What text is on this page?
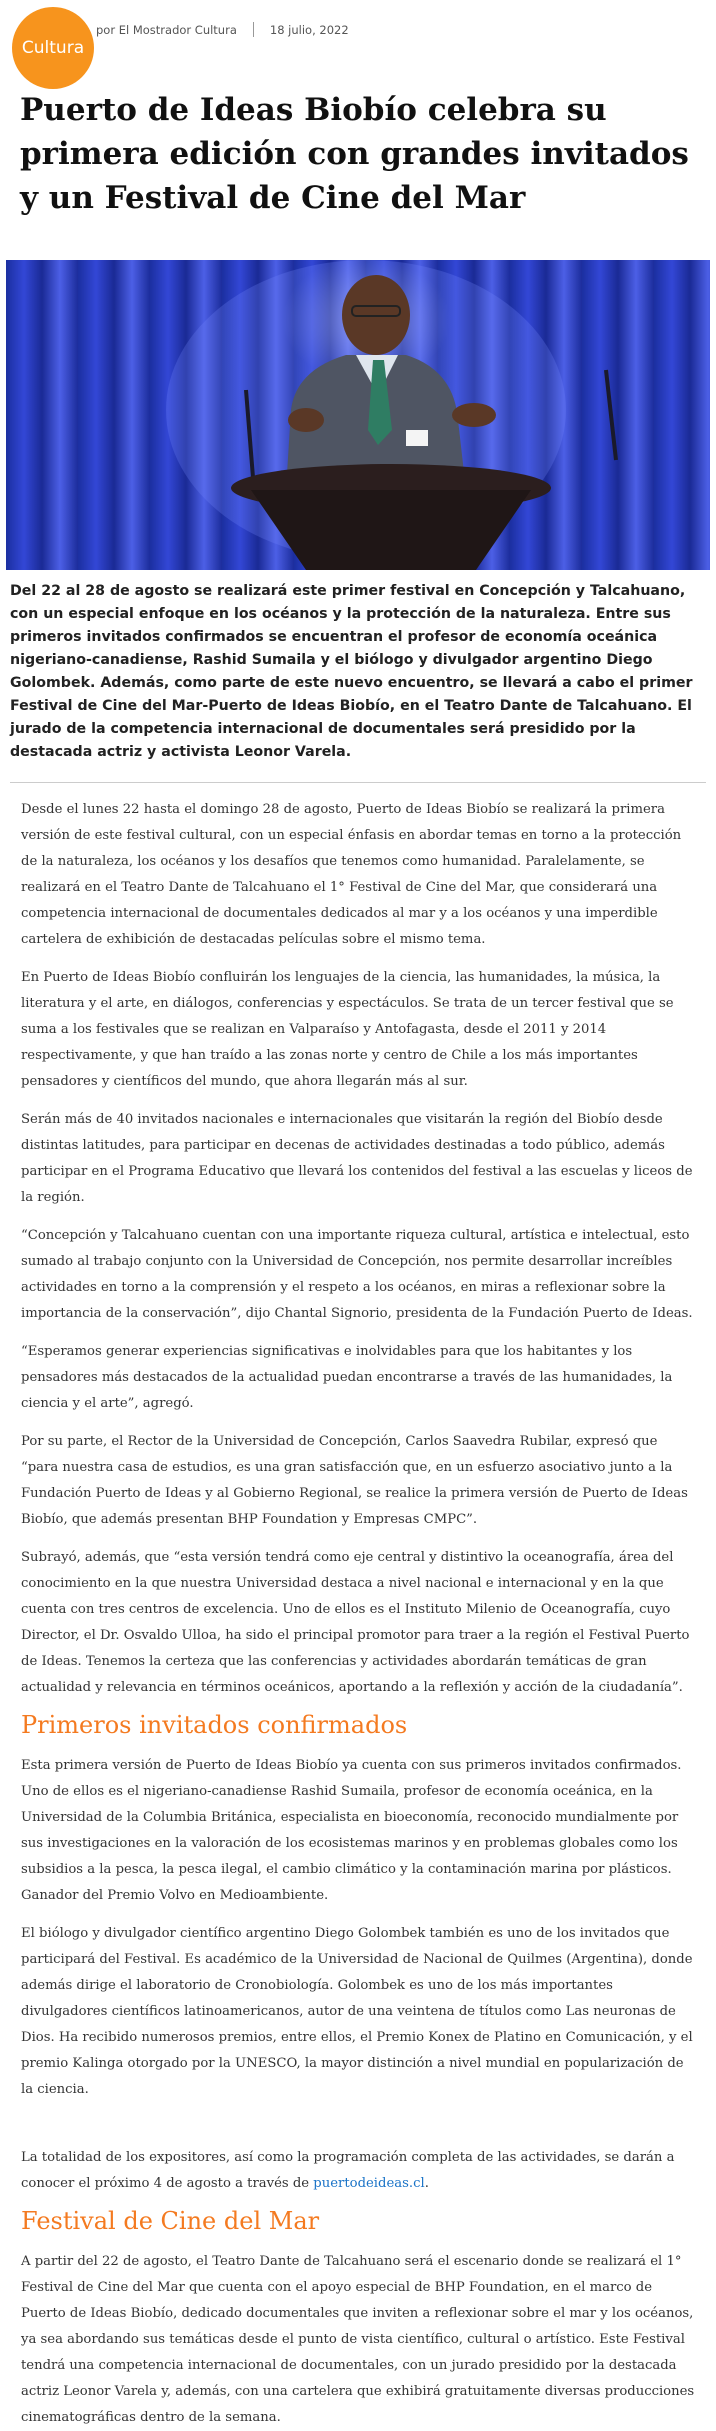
Cultura
por El Mostrador Cultura	18 julio, 2022
Puerto de Ideas Biobío celebra su primera edición con grandes invitados y un Festival de Cine del Mar

Del 22 al 28 de agosto se realizará este primer festival en Concepción y Talcahuano, con un especial enfoque en los océanos y la protección de la naturaleza. Entre sus primeros invitados confirmados se encuentran el profesor de economía oceánica nigeriano-canadiense, Rashid Sumaila y el biólogo y divulgador argentino Diego Golombek. Además, como parte de este nuevo encuentro, se llevará a cabo el primer Festival de Cine del Mar-Puerto de Ideas Biobío, en el Teatro Dante de Talcahuano. El jurado de la competencia internacional de documentales será presidido por la destacada actriz y activista Leonor Varela.

Desde el lunes 22 hasta el domingo 28 de agosto, Puerto de Ideas Biobío se realizará la primera versión de este festival cultural, con un especial énfasis en abordar temas en torno a la protección de la naturaleza, los océanos y los desafíos que tenemos como humanidad. Paralelamente, se realizará en el Teatro Dante de Talcahuano el 1° Festival de Cine del Mar, que considerará una competencia internacional de documentales dedicados al mar y a los océanos y una imperdible cartelera de exhibición de destacadas películas sobre el mismo tema.

En Puerto de Ideas Biobío confluirán los lenguajes de la ciencia, las humanidades, la música, la literatura y el arte, en diálogos, conferencias y espectáculos. Se trata de un tercer festival que se suma a los festivales que se realizan en Valparaíso y Antofagasta, desde el 2011 y 2014 respectivamente, y que han traído a las zonas norte y centro de Chile a los más importantes pensadores y científicos del mundo, que ahora llegarán más al sur.

Serán más de 40 invitados nacionales e internacionales que visitarán la región del Biobío desde distintas latitudes, para participar en decenas de actividades destinadas a todo público, además participar en el Programa Educativo que llevará los contenidos del festival a las escuelas y liceos de la región.

“Concepción y Talcahuano cuentan con una importante riqueza cultural, artística e intelectual, esto sumado al trabajo conjunto con la Universidad de Concepción, nos permite desarrollar increíbles actividades en torno a la comprensión y el respeto a los océanos, en miras a reflexionar sobre la importancia de la conservación”, dijo Chantal Signorio, presidenta de la Fundación Puerto de Ideas.

“Esperamos generar experiencias significativas e inolvidables para que los habitantes y los pensadores más destacados de la actualidad puedan encontrarse a través de las humanidades, la ciencia y el arte”, agregó.

Por su parte, el Rector de la Universidad de Concepción, Carlos Saavedra Rubilar, expresó que “para nuestra casa de estudios, es una gran satisfacción que, en un esfuerzo asociativo junto a la Fundación Puerto de Ideas y al Gobierno Regional, se realice la primera versión de Puerto de Ideas Biobío, que además presentan BHP Foundation y Empresas CMPC”.

Subrayó, además, que “esta versión tendrá como eje central y distintivo la oceanografía, área del conocimiento en la que nuestra Universidad destaca a nivel nacional e internacional y en la que cuenta con tres centros de excelencia. Uno de ellos es el Instituto Milenio de Oceanografía, cuyo Director, el Dr. Osvaldo Ulloa, ha sido el principal promotor para traer a la región el Festival Puerto de Ideas. Tenemos la certeza que las conferencias y actividades abordarán temáticas de gran actualidad y relevancia en términos oceánicos, aportando a la reflexión y acción de la ciudadanía”.

Primeros invitados confirmados

Esta primera versión de Puerto de Ideas Biobío ya cuenta con sus primeros invitados confirmados. Uno de ellos es el nigeriano-canadiense Rashid Sumaila, profesor de economía oceánica, en la Universidad de la Columbia Británica, especialista en bioeconomía, reconocido mundialmente por sus investigaciones en la valoración de los ecosistemas marinos y en problemas globales como los subsidios a la pesca, la pesca ilegal, el cambio climático y la contaminación marina por plásticos. Ganador del Premio Volvo en Medioambiente.

El biólogo y divulgador científico argentino Diego Golombek también es uno de los invitados que participará del Festival. Es académico de la Universidad de Nacional de Quilmes (Argentina), donde además dirige el laboratorio de Cronobiología. Golombek es uno de los más importantes divulgadores científicos latinoamericanos, autor de una veintena de títulos como Las neuronas de Dios. Ha recibido numerosos premios, entre ellos, el Premio Konex de Platino en Comunicación, y el premio Kalinga otorgado por la UNESCO, la mayor distinción a nivel mundial en popularización de la ciencia.

La totalidad de los expositores, así como la programación completa de las actividades, se darán a conocer el próximo 4 de agosto a través de puertodeideas.cl.

Festival de Cine del Mar

A partir del 22 de agosto, el Teatro Dante de Talcahuano será el escenario donde se realizará el 1° Festival de Cine del Mar que cuenta con el apoyo especial de BHP Foundation, en el marco de Puerto de Ideas Biobío, dedicado documentales que inviten a reflexionar sobre el mar y los océanos, ya sea abordando sus temáticas desde el punto de vista científico, cultural o artístico. Este Festival tendrá una competencia internacional de documentales, con un jurado presidido por la destacada actriz Leonor Varela y, además, con una cartelera que exhibirá gratuitamente diversas producciones cinematográficas dentro de la semana.
